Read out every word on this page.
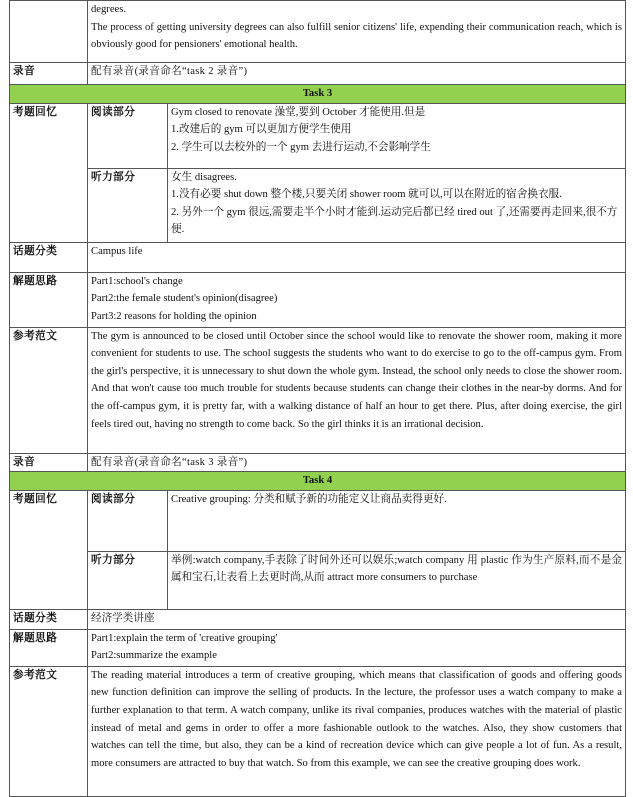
	degrees.
The process of getting university degrees can also fulfill senior citizens' life, expending their communication reach, which is obviously good for pensioners' emotional health.	

录音	配有录音(录音命名“task 2 录音”)	
Task 3		
考题回忆	阅读部分	Gym closed to renovate 澡堂,要到 October 才能使用.但是
1.改建后的 gym 可以更加方便学生使用
2. 学生可以去校外的一个 gym 去进行运动,不会影响学生

	听力部分	女生 disagrees.
1.没有必要 shut down 整个楼,只要关闭 shower room 就可以,可以在附近的宿舍换衣服.
2. 另外一个 gym 很远,需要走半个小时才能到.运动完后都已经 tired out 了,还需要再走回来,很不方便.

话题分类	Campus life	
解题思路	Part1:school's change
Part2:the female student's opinion(disagree)
Part3:2 reasons for holding the opinion	

参考范文	The gym is announced to be closed until October since the school would like to renovate the shower room, making it more convenient for students to use. The school suggests the students who want to do exercise to go to the off-campus gym. From the girl's perspective, it is unnecessary to shut down the whole gym. Instead, the school only needs to close the shower room. And that won't cause too much trouble for students because students can change their clothes in the near-by dorms. And for the off-campus gym, it is pretty far, with a walking distance of half an hour to get there. Plus, after doing exercise, the girl feels tired out, having no strength to come back. So the girl thinks it is an irrational decision.	
录音	配有录音(录音命名“task 3 录音”)	
Task 4		
考题回忆	阅读部分	Creative grouping: 分类和赋予新的功能定义让商品卖得更好.

	听力部分	举例:watch company,手表除了时间外还可以娱乐;watch company 用 plastic 作为生产原料,而不是金属和宝石,让表看上去更时尚,从而 attract more consumers to purchase

话题分类	经济学类讲座	
解题思路	Part1:explain the term of 'creative grouping'
Part2:summarize the example	

参考范文	The reading material introduces a term of creative grouping, which means that classification of goods and offering goods new function definition can improve the selling of products. In the lecture, the professor uses a watch company to make a further explanation to that term. A watch company, unlike its rival companies, produces watches with the material of plastic instead of metal and gems in order to offer a more fashionable outlook to the watches. Also, they show customers that watches can tell the time, but also, they can be a kind of recreation device which can give people a lot of fun. As a result, more consumers are attracted to buy that watch. So from this example, we can see the creative grouping does work.	
